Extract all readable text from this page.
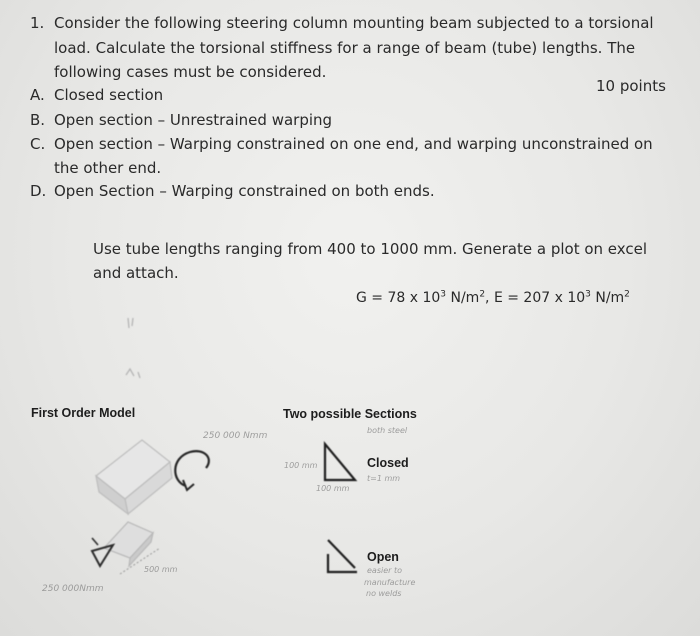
1. Consider the following steering column mounting beam subjected to a torsional
load. Calculate the torsional stiffness for a range of beam (tube) lengths. The
following cases must be considered.
10 points
A. Closed section
B. Open section – Unrestrained warping
C. Open section – Warping constrained on one end, and warping unconstrained on
the other end.
D. Open Section – Warping constrained on both ends.
Use tube lengths ranging from 400 to 1000 mm. Generate a plot on excel
and attach.
G = 78 x $10^3$ $N/m^2$, E = 207 x $10^3$ $N/m^2$
First Order Model	Two possible Sections
250 000 Nmm
500 mm
250 000Nmm
both steel
100 mm
100 mm
t=1 mm
Closed
Open
easier to
manufacture
no welds
